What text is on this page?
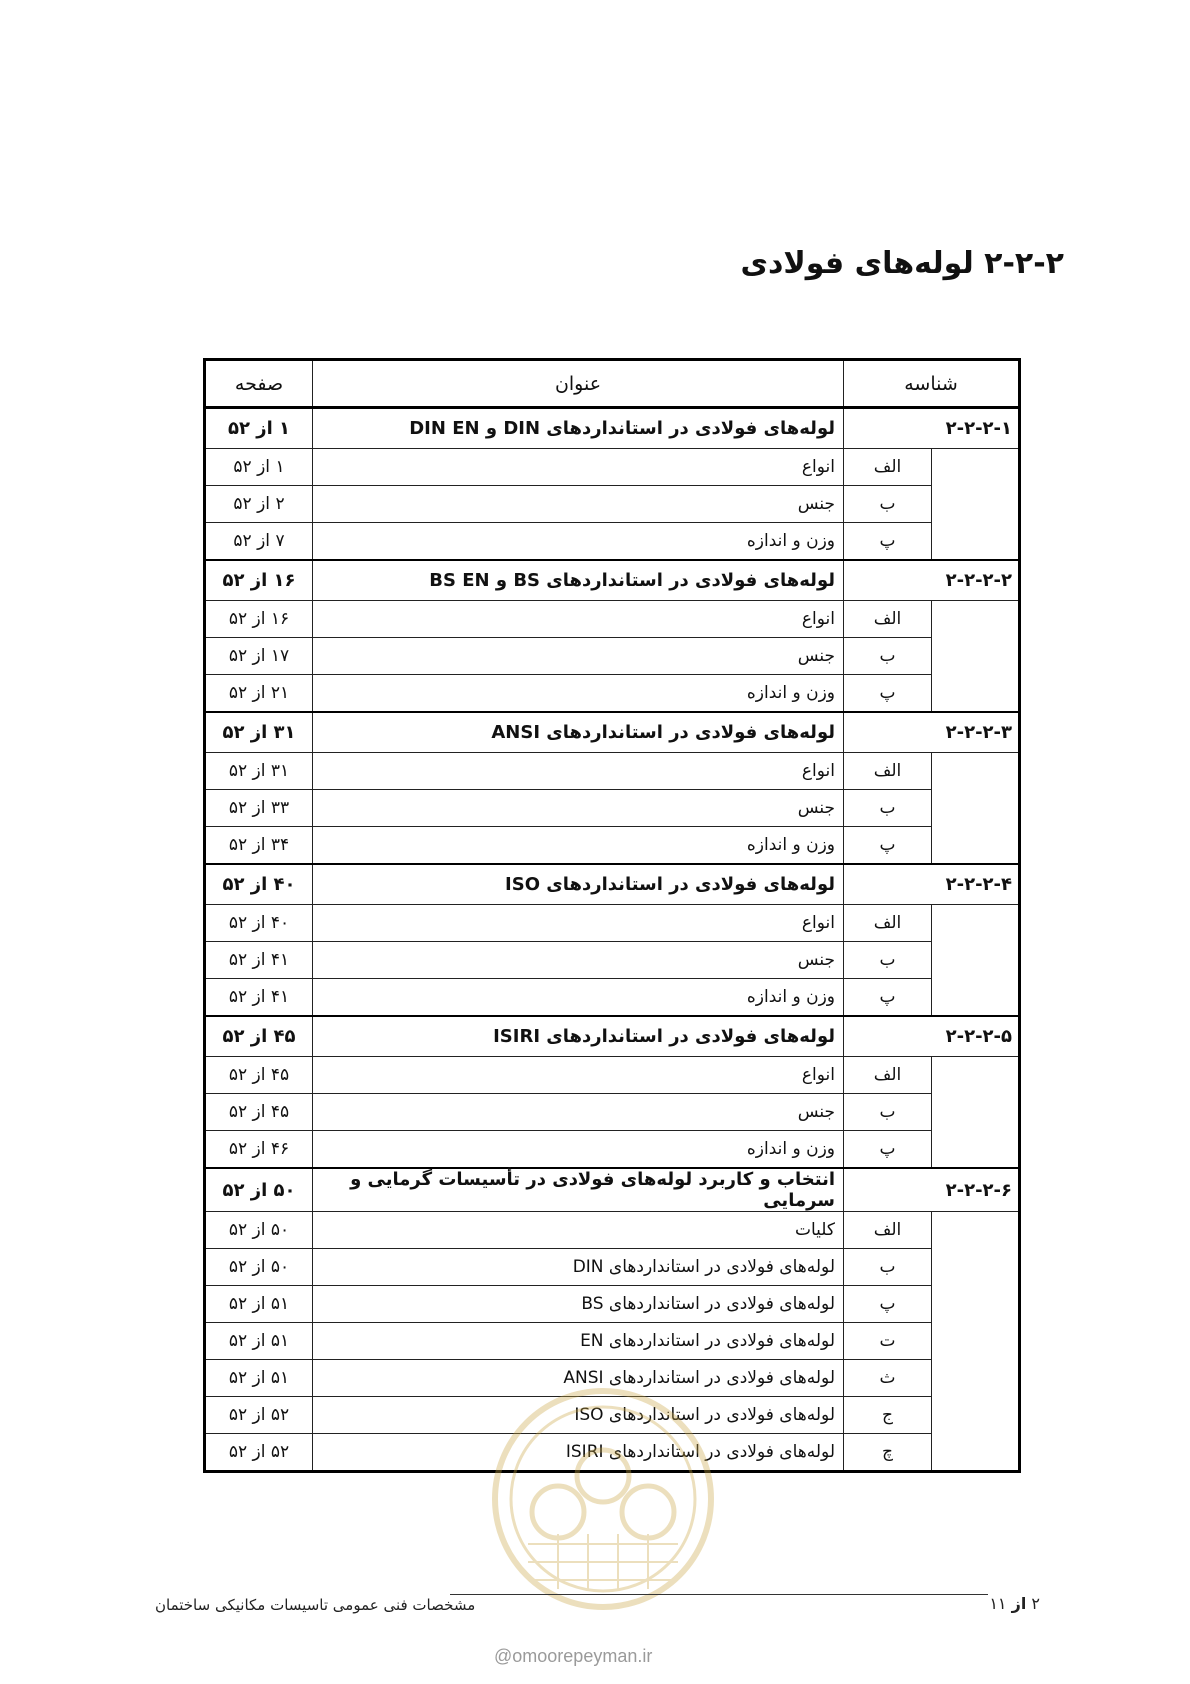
۲-۲-۲ لوله‌های فولادی
شناسه		عنوان	صفحه
۲-۲-۲-۱		لوله‌های فولادی در استانداردهای DIN و DIN EN	۱ از ۵۲
	الف	انواع	۱ از ۵۲
	ب	جنس	۲ از ۵۲
	پ	وزن و اندازه	۷ از ۵۲
۲-۲-۲-۲		لوله‌های فولادی در استانداردهای BS و BS EN	۱۶ از ۵۲
	الف	انواع	۱۶ از ۵۲
	ب	جنس	۱۷ از ۵۲
	پ	وزن و اندازه	۲۱ از ۵۲
۲-۲-۲-۳		لوله‌های فولادی در استانداردهای ANSI	۳۱ از ۵۲
	الف	انواع	۳۱ از ۵۲
	ب	جنس	۳۳ از ۵۲
	پ	وزن و اندازه	۳۴ از ۵۲
۲-۲-۲-۴		لوله‌های فولادی در استانداردهای ISO	۴۰ از ۵۲
	الف	انواع	۴۰ از ۵۲
	ب	جنس	۴۱ از ۵۲
	پ	وزن و اندازه	۴۱ از ۵۲
۲-۲-۲-۵		لوله‌های فولادی در استانداردهای ISIRI	۴۵ از ۵۲
	الف	انواع	۴۵ از ۵۲
	ب	جنس	۴۵ از ۵۲
	پ	وزن و اندازه	۴۶ از ۵۲
۲-۲-۲-۶		انتخاب و کاربرد لوله‌های فولادی در تأسیسات گرمایی و سرمایی	۵۰ از ۵۲
	الف	کلیات	۵۰ از ۵۲
	ب	لوله‌های فولادی در استانداردهای DIN	۵۰ از ۵۲
	پ	لوله‌های فولادی در استانداردهای BS	۵۱ از ۵۲
	ت	لوله‌های فولادی در استانداردهای EN	۵۱ از ۵۲
	ث	لوله‌های فولادی در استانداردهای ANSI	۵۱ از ۵۲
	ج	لوله‌های فولادی در استانداردهای ISO	۵۲ از ۵۲
	چ	لوله‌های فولادی در استانداردهای ISIRI	۵۲ از ۵۲
مشخصات فنی عمومی تاسیسات مکانیکی ساختمان	۲ از ۱۱
@omoorepeyman.ir
